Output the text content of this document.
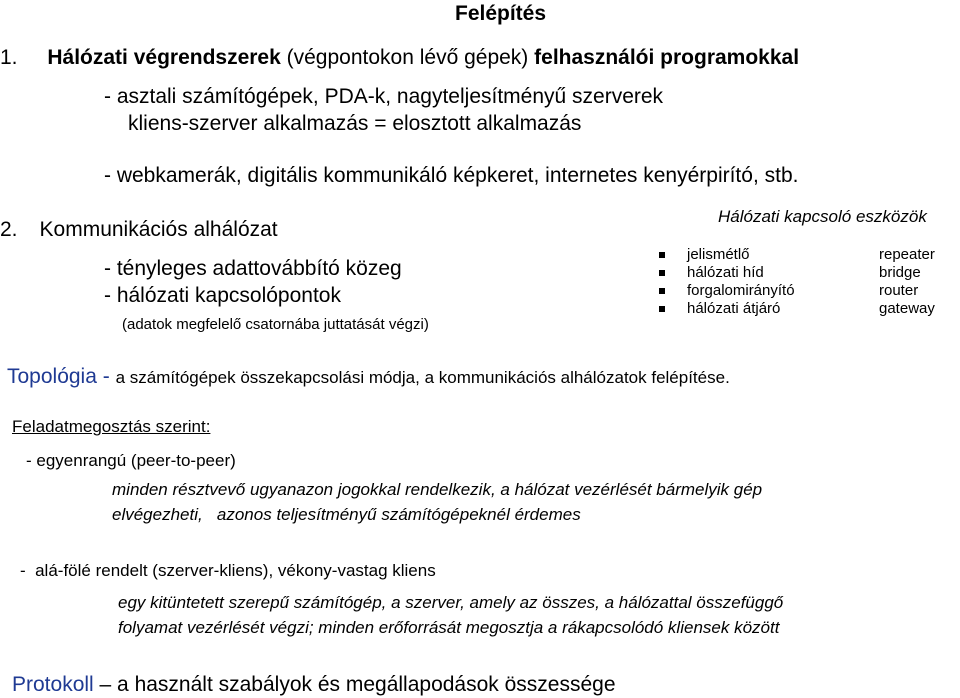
Felépítés
1. Hálózati végrendszerek (végpontokon lévő gépek) felhasználói programokkal
- asztali számítógépek, PDA-k, nagyteljesítményű szerverek
kliens-szerver alkalmazás = elosztott alkalmazás
- webkamerák, digitális kommunikáló képkeret, internetes kenyérpirító, stb.
2. Kommunikációs alhálózat
- tényleges adattovábbító közeg
- hálózati kapcsolópontok
(adatok megfelelő csatornába juttatását végzi)
Hálózati kapcsoló eszközök
jelismétlő	repeater
hálózati híd	bridge
forgalomirányító	router
hálózati átjáró	gateway
Topológia - a számítógépek összekapcsolási módja, a kommunikációs alhálózatok felépítése.
Feladatmegosztás szerint:
- egyenrangú (peer-to-peer)
minden résztvevő ugyanazon jogokkal rendelkezik, a hálózat vezérlését bármelyik gép
elvégezheti,   azonos teljesítményű számítógépeknél érdemes
-  alá-fölé rendelt (szerver-kliens), vékony-vastag kliens
egy kitüntetett szerepű számítógép, a szerver, amely az összes, a hálózattal összefüggő
folyamat vezérlését végzi; minden erőforrását megosztja a rákapcsolódó kliensek között
Protokoll – a használt szabályok és megállapodások összessége
